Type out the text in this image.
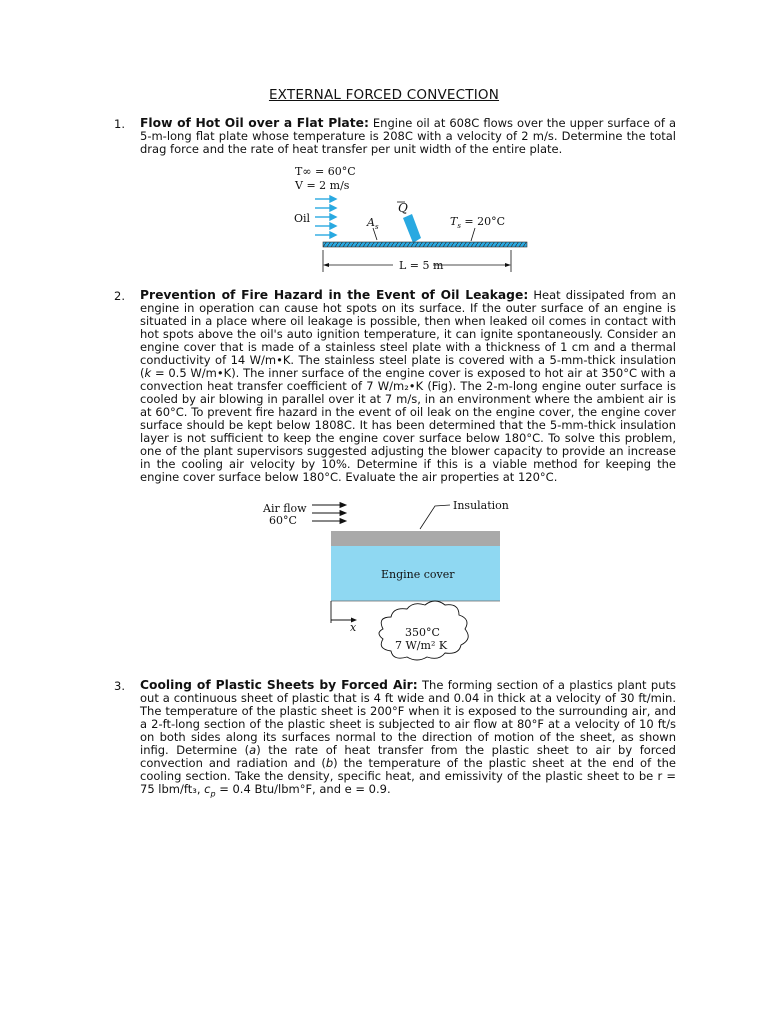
EXTERNAL FORCED CONVECTION
1. Flow of Hot Oil over a Flat Plate: Engine oil at 608C flows over the upper surface of a 5-m-long flat plate whose temperature is 208C with a velocity of 2 m/s. Determine the total drag force and the rate of heat transfer per unit width of the entire plate.
T∞ = 60°C
V = 2 m/s
Oil	$A_s$
Q
$T_s = 20^\circ C$
L = 5 m
2. Prevention of Fire Hazard in the Event of Oil Leakage: Heat dissipated from an engine in operation can cause hot spots on its surface. If the outer surface of an engine is situated in a place where oil leakage is possible, then when leaked oil comes in contact with hot spots above the oil's auto ignition temperature, it can ignite spontaneously. Consider an engine cover that is made of a stainless steel plate with a thickness of 1 cm and a thermal conductivity of 14 W/m•K. The stainless steel plate is covered with a 5-mm-thick insulation (k = 0.5 W/m•K). The inner surface of the engine cover is exposed to hot air at 350°C with a convection heat transfer coefficient of 7 W/m₂•K (Fig). The 2-m-long engine outer surface is cooled by air blowing in parallel over it at 7 m/s, in an environment where the ambient air is at 60°C. To prevent fire hazard in the event of oil leak on the engine cover, the engine cover surface should be kept below 1808C. It has been determined that the 5-mm-thick insulation layer is not sufficient to keep the engine cover surface below 180°C. To solve this problem, one of the plant supervisors suggested adjusting the blower capacity to provide an increase in the cooling air velocity by 10%. Determine if this is a viable method for keeping the engine cover surface below 180°C. Evaluate the air properties at 120°C.
Air flow
60°C
Insulation
Engine cover
x	350°C
7 W/m² K
3. Cooling of Plastic Sheets by Forced Air: The forming section of a plastics plant puts out a continuous sheet of plastic that is 4 ft wide and 0.04 in thick at a velocity of 30 ft/min. The temperature of the plastic sheet is 200°F when it is exposed to the surrounding air, and a 2-ft-long section of the plastic sheet is subjected to air flow at 80°F at a velocity of 10 ft/s on both sides along its surfaces normal to the direction of motion of the sheet, as shown infig. Determine (a) the rate of heat transfer from the plastic sheet to air by forced convection and radiation and (b) the temperature of the plastic sheet at the end of the cooling section. Take the density, specific heat, and emissivity of the plastic sheet to be r = 75 lbm/ft₃, $c_p = 0.4$ Btu/lbm°F, and e = 0.9.
